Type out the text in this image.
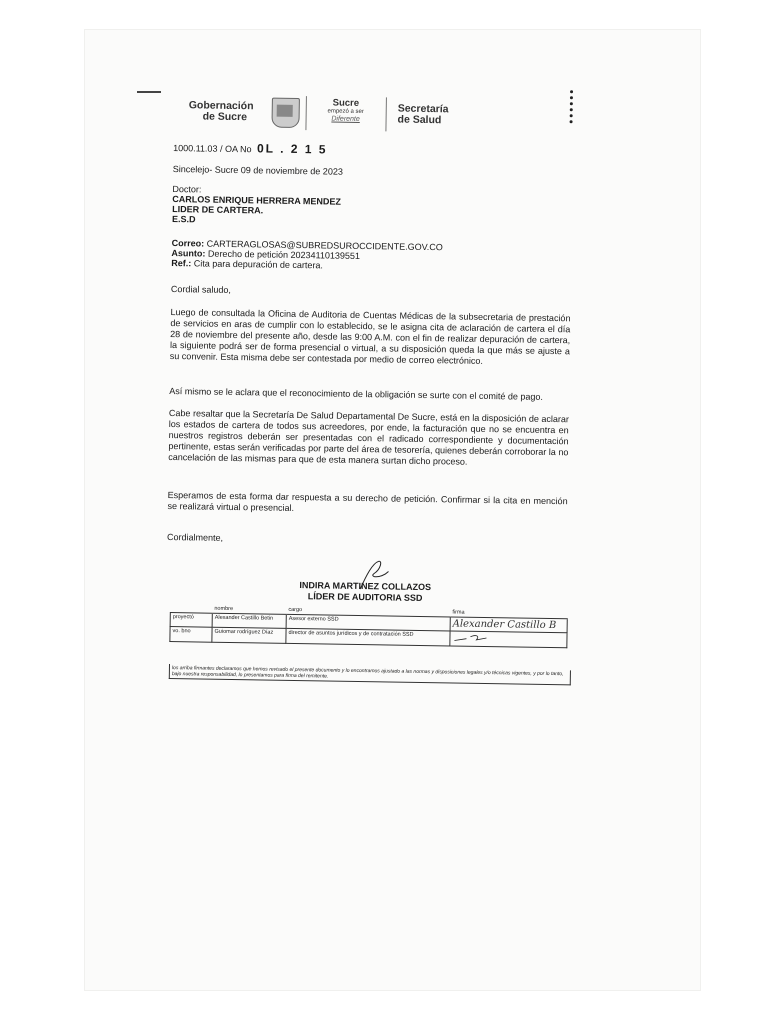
Gobernación
de Sucre
Sucre
empezó a ser
Diferente
Secretaría
de Salud
1000.11.03 / OA No 0L . 2 1 5
Sincelejo- Sucre 09 de noviembre de 2023
Doctor:
CARLOS ENRIQUE HERRERA MENDEZ
LIDER DE CARTERA.
E.S.D
Correo: CARTERAGLOSAS@SUBREDSUROCCIDENTE.GOV.CO
Asunto: Derecho de petición 20234110139551
Ref.: Cita para depuración de cartera.
Cordial saludo,
Luego de consultada la Oficina de Auditoria de Cuentas Médicas de la subsecretaria de prestación de servicios en aras de cumplir con lo establecido, se le asigna cita de aclaración de cartera el día 28 de noviembre del presente año, desde las 9:00 A.M. con el fin de realizar depuración de cartera, la siguiente podrá ser de forma presencial o virtual, a su disposición queda la que más se ajuste a su convenir. Esta misma debe ser contestada por medio de correo electrónico.
Así mismo se le aclara que el reconocimiento de la obligación se surte con el comité de pago.
Cabe resaltar que la Secretaría De Salud Departamental De Sucre, está en la disposición de aclarar los estados de cartera de todos sus acreedores, por ende, la facturación que no se encuentra en nuestros registros deberán ser presentadas con el radicado correspondiente y documentación pertinente, estas serán verificadas por parte del área de tesorería, quienes deberán corroborar la no cancelación de las mismas para que de esta manera surtan dicho proceso.
Esperamos de esta forma dar respuesta a su derecho de petición. Confirmar si la cita en mención se realizará virtual o presencial.
Cordialmente,
INDIRA MARTINEZ COLLAZOS
LÍDER DE AUDITORIA SSD
	nombre	cargo	firma
proyectó	Alexander Castillo Betin	Asesor externo SSD	Alexander Castillo B
vo. bno	Guiomar rodríguez Díaz	director de asuntos jurídicos y de contratación SSD	
los arriba firmantes declaramos que hemos revisado el presente documento y lo encontramos ajustado a las normas y disposiciones legales y/o técnicas vigentes, y por lo tanto, bajo nuestra responsabilidad, lo presentamos para firma del remitente.
